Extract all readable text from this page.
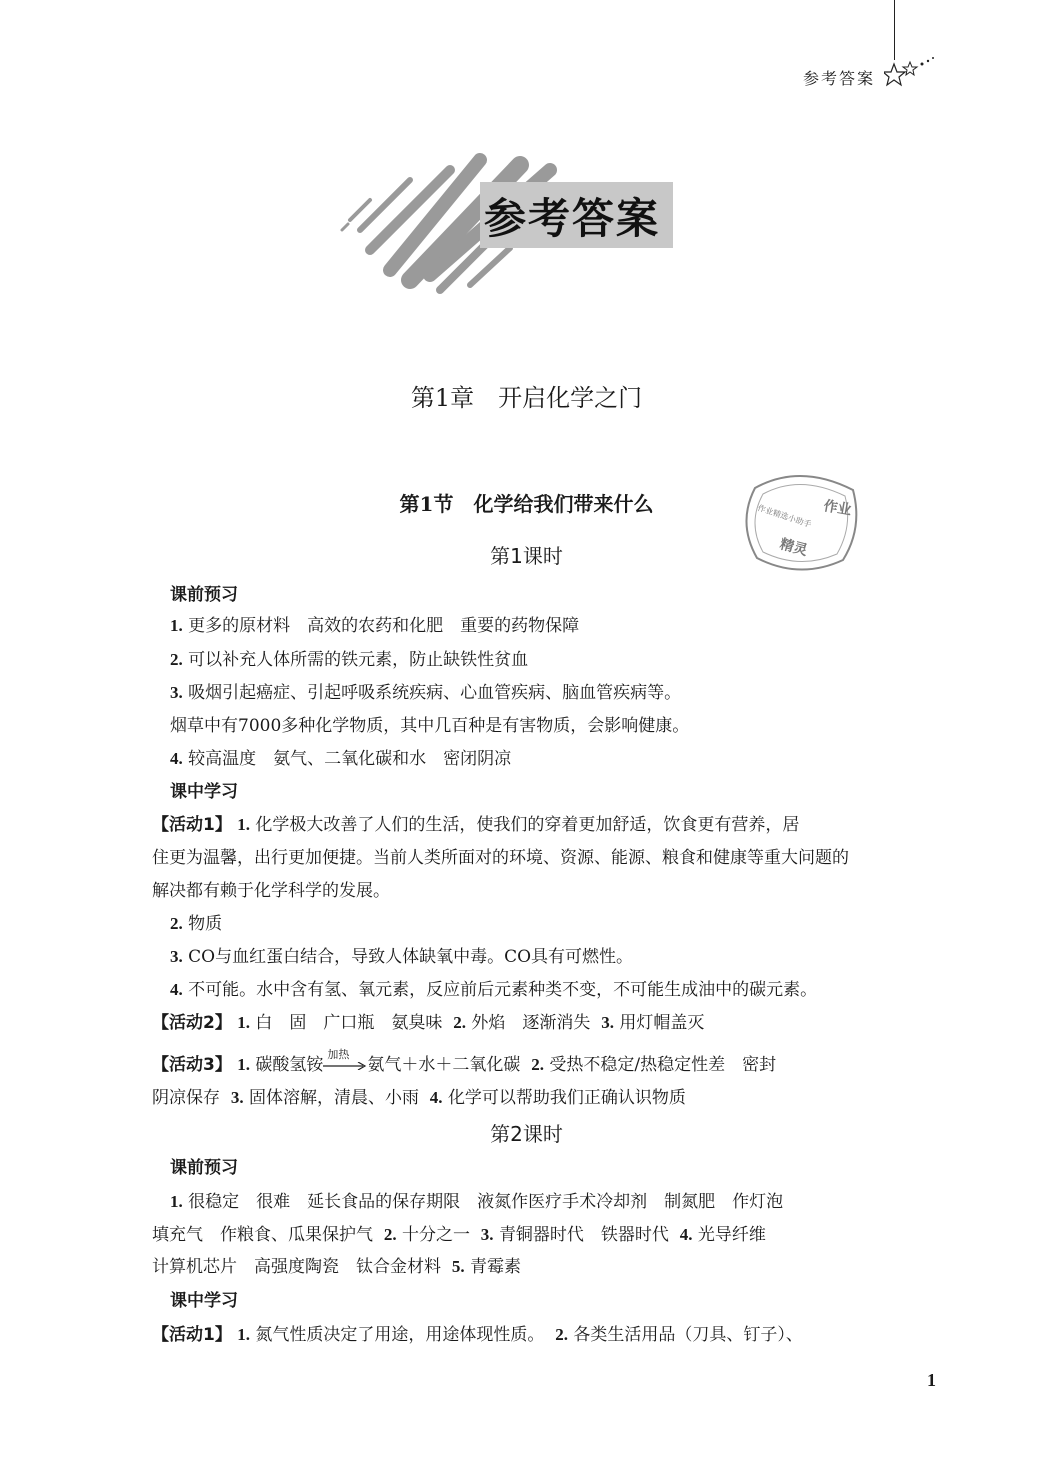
参考答案
参考答案
第1章　开启化学之门
第1节　化学给我们带来什么	作业
作业精选小助手
精灵
第1课时
课前预习
1. 更多的原材料　高效的农药和化肥　重要的药物保障
2. 可以补充人体所需的铁元素，防止缺铁性贫血
3. 吸烟引起癌症、引起呼吸系统疾病、心血管疾病、脑血管疾病等。
烟草中有7000多种化学物质，其中几百种是有害物质，会影响健康。
4. 较高温度　氨气、二氧化碳和水　密闭阴凉
课中学习
【活动1】 1. 化学极大改善了人们的生活，使我们的穿着更加舒适，饮食更有营养，居
住更为温馨，出行更加便捷。当前人类所面对的环境、资源、能源、粮食和健康等重大问题的
解决都有赖于化学科学的发展。
2. 物质
3. CO与血红蛋白结合，导致人体缺氧中毒。CO具有可燃性。
4. 不可能。水中含有氢、氧元素，反应前后元素种类不变，不可能生成油中的碳元素。
【活动2】 1. 白　固　广口瓶　氨臭味 2. 外焰　逐渐消失 3. 用灯帽盖灭
【活动3】 1. 碳酸氢铵
加热
氨气＋水＋二氧化碳 2. 受热不稳定/热稳定性差　密封
阴凉保存 3. 固体溶解，清晨、小雨 4. 化学可以帮助我们正确认识物质
第2课时
课前预习
1. 很稳定　很难　延长食品的保存期限　液氮作医疗手术冷却剂　制氮肥　作灯泡
填充气　作粮食、瓜果保护气 2. 十分之一 3. 青铜器时代　铁器时代 4. 光导纤维
计算机芯片　高强度陶瓷　钛合金材料 5. 青霉素
课中学习
【活动1】 1. 氮气性质决定了用途，用途体现性质。 2. 各类生活用品（刀具、钉子）、
1
